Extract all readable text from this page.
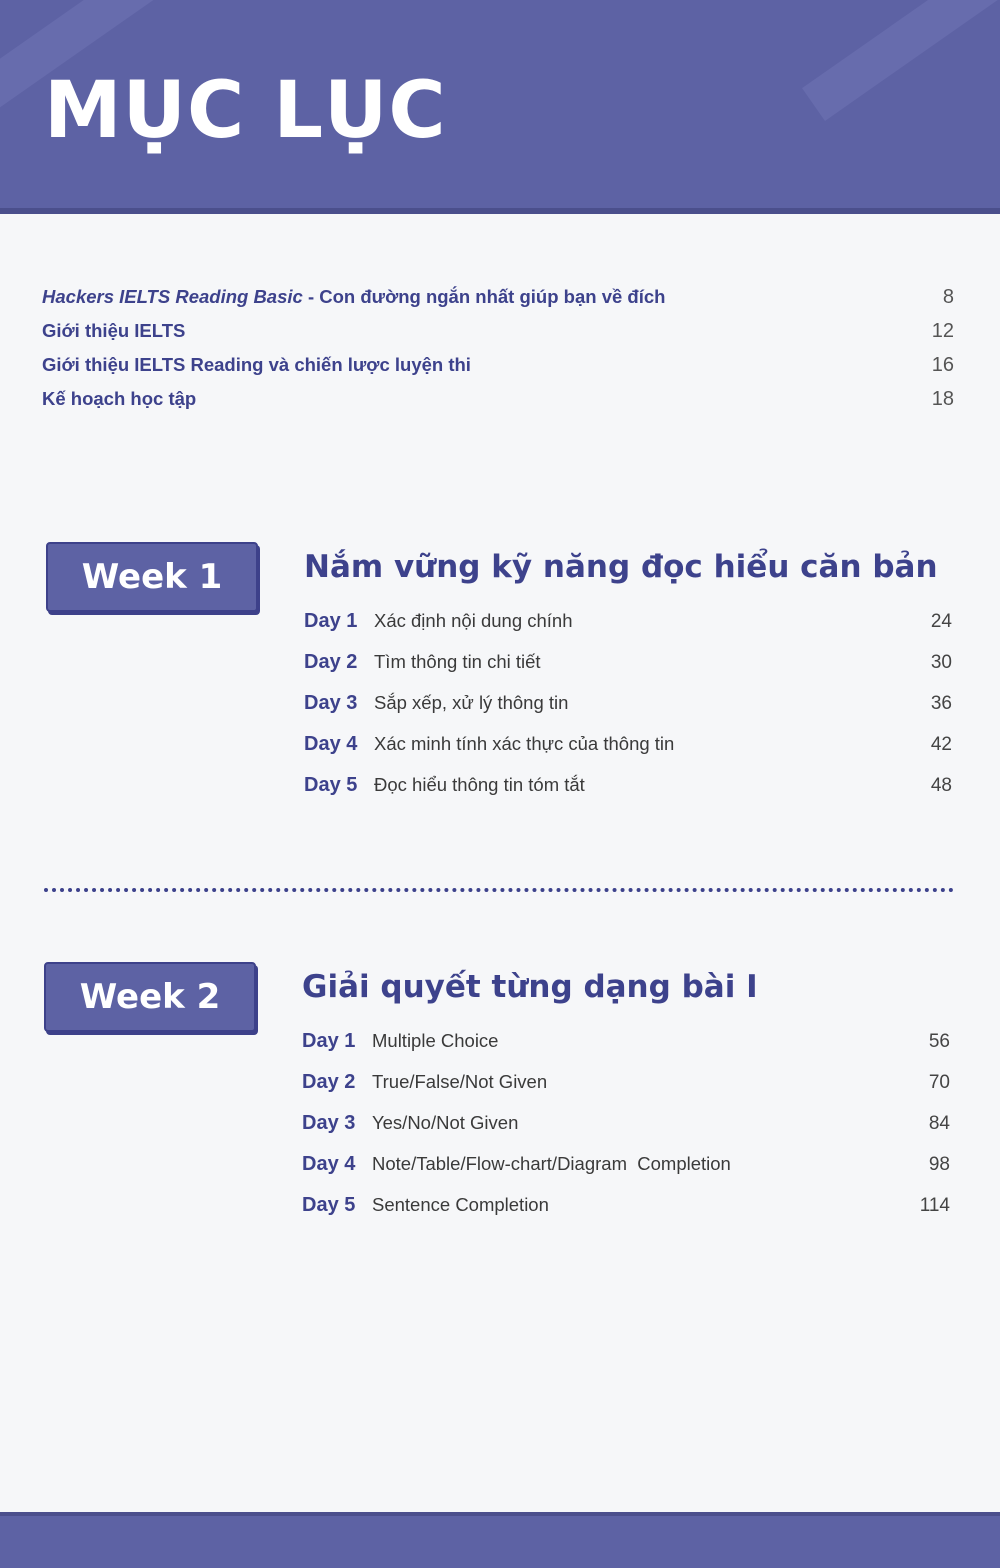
MỤC LỤC
Hackers IELTS Reading Basic - Con đường ngắn nhất giúp bạn về đích	8
Giới thiệu IELTS	12
Giới thiệu IELTS Reading và chiến lược luyện thi	16
Kế hoạch học tập	18
Week 1	Nắm vững kỹ năng đọc hiểu căn bản
Day 1 Xác định nội dung chính	24
Day 2 Tìm thông tin chi tiết	30
Day 3 Sắp xếp, xử lý thông tin	36
Day 4 Xác minh tính xác thực của thông tin	42
Day 5 Đọc hiểu thông tin tóm tắt	48
Week 2	Giải quyết từng dạng bài I
Day 1 Multiple Choice	56
Day 2 True/False/Not Given	70
Day 3 Yes/No/Not Given	84
Day 4 Note/Table/Flow-chart/Diagram  Completion	98
Day 5 Sentence Completion	114
